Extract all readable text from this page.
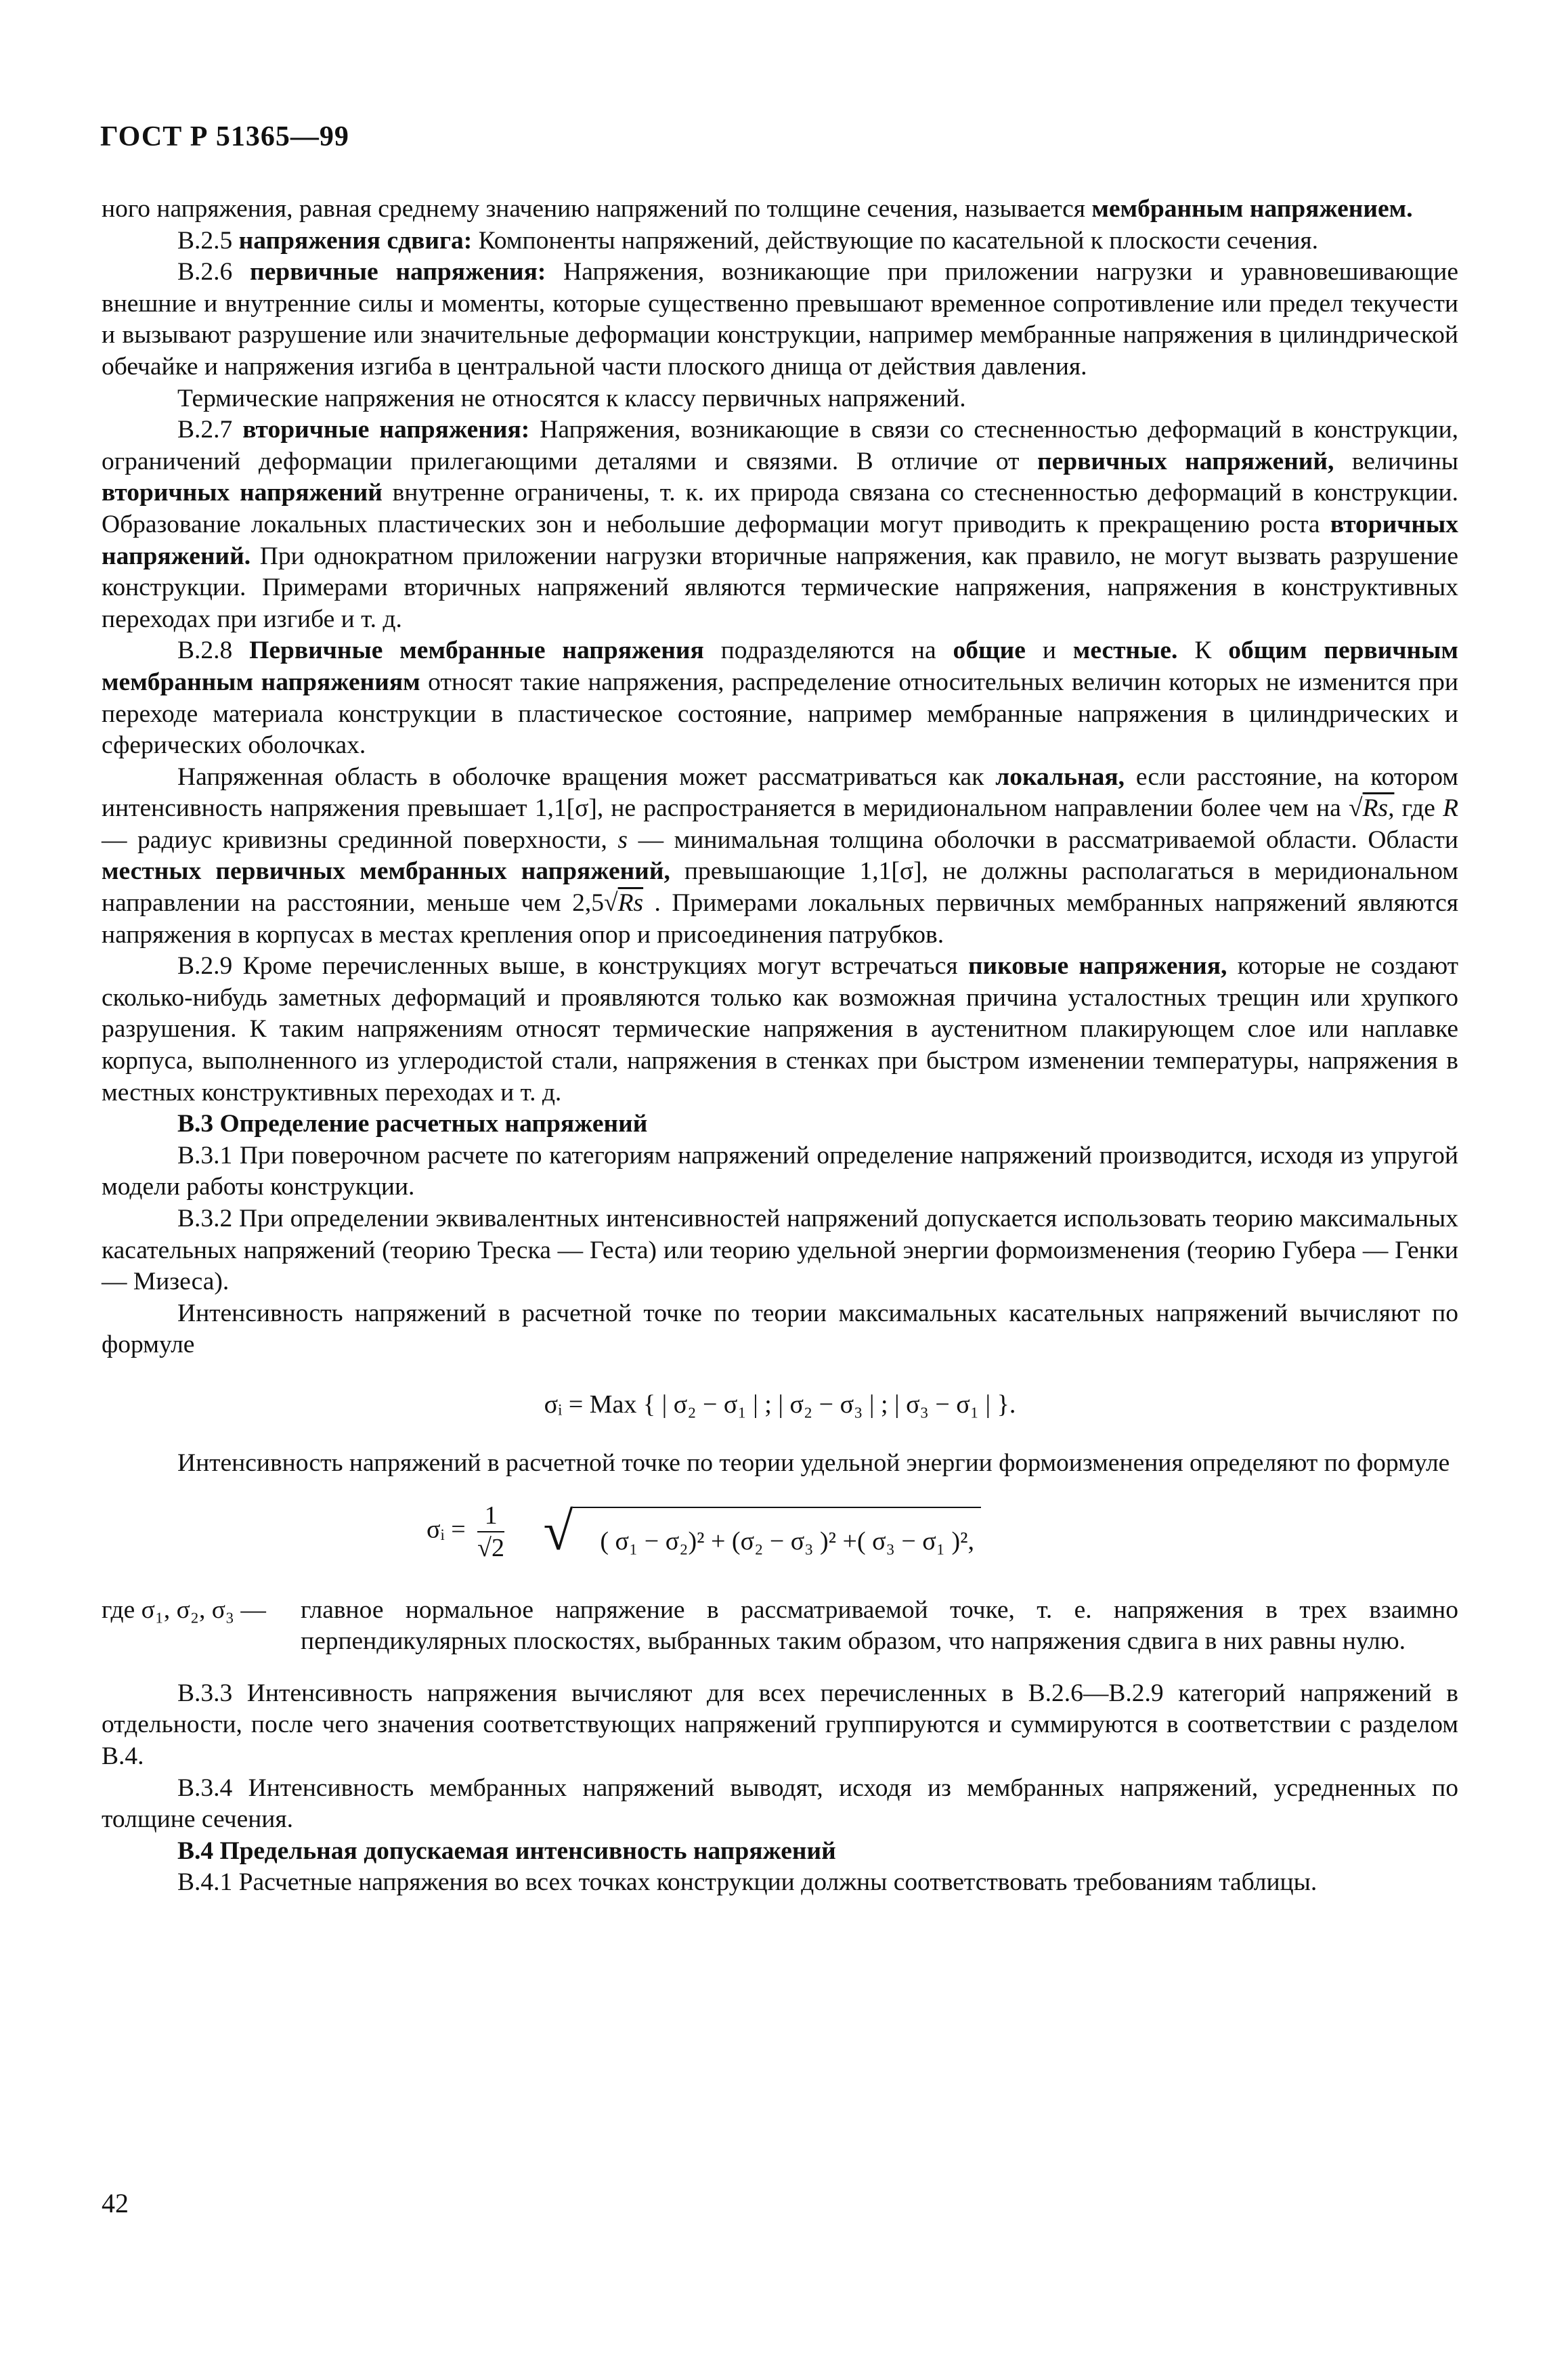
ГОСТ Р 51365—99

ного напряжения, равная среднему значению напряжений по толщине сечения, называется мембранным напряжением.

В.2.5 напряжения сдвига: Компоненты напряжений, действующие по касательной к плоскости сечения.

В.2.6 первичные напряжения: Напряжения, возникающие при приложении нагрузки и уравновешивающие внешние и внутренние силы и моменты, которые существенно превышают временное сопротивление или предел текучести и вызывают разрушение или значительные деформации конструкции, например мембранные напряжения в цилиндрической обечайке и напряжения изгиба в центральной части плоского днища от действия давления.

Термические напряжения не относятся к классу первичных напряжений.

В.2.7 вторичные напряжения: Напряжения, возникающие в связи со стесненностью деформаций в конструкции, ограничений деформации прилегающими деталями и связями. В отличие от первичных напряжений, величины вторичных напряжений внутренне ограничены, т. к. их природа связана со стесненностью деформаций в конструкции. Образование локальных пластических зон и небольшие деформации могут приводить к прекращению роста вторичных напряжений. При однократном приложении нагрузки вторичные напряжения, как правило, не могут вызвать разрушение конструкции. Примерами вторичных напряжений являются термические напряжения, напряжения в конструктивных переходах при изгибе и т. д.

В.2.8 Первичные мембранные напряжения подразделяются на общие и местные. К общим первичным мембранным напряжениям относят такие напряжения, распределение относительных величин которых не изменится при переходе материала конструкции в пластическое состояние, например мембранные напряжения в цилиндрических и сферических оболочках.

Напряженная область в оболочке вращения может рассматриваться как локальная, если расстояние, на котором интенсивность напряжения превышает 1,1[σ], не распространяется в меридиональном направлении более чем на √Rs, где R — радиус кривизны срединной поверхности, s — минимальная толщина оболочки в рассматриваемой области. Области местных первичных мембранных напряжений, превышающие 1,1[σ], не должны располагаться в меридиональном направлении на расстоянии, меньше чем 2,5√Rs . Примерами локальных первичных мембранных напряжений являются напряжения в корпусах в местах крепления опор и присоединения патрубков.

В.2.9 Кроме перечисленных выше, в конструкциях могут встречаться пиковые напряжения, которые не создают сколько-нибудь заметных деформаций и проявляются только как возможная причина усталостных трещин или хрупкого разрушения. К таким напряжениям относят термические напряжения в аустенитном плакирующем слое или наплавке корпуса, выполненного из углеродистой стали, напряжения в стенках при быстром изменении температуры, напряжения в местных конструктивных переходах и т. д.

В.3 Определение расчетных напряжений

В.3.1 При поверочном расчете по категориям напряжений определение напряжений производится, исходя из упругой модели работы конструкции.

В.3.2 При определении эквивалентных интенсивностей напряжений допускается использовать теорию максимальных касательных напряжений (теорию Треска — Геста) или теорию удельной энергии формоизменения (теорию Губера — Генки — Мизеса).

Интенсивность напряжений в расчетной точке по теории максимальных касательных напряжений вычисляют по формуле

σᵢ = Max { | σ₂ − σ₁ | ; | σ₂ − σ₃ | ; | σ₃ − σ₁ | }.

Интенсивность напряжений в расчетной точке по теории удельной энергии формоизменения определяют по формуле

σᵢ = $\frac{1}{√2}$ √ ( σ₁ − σ₂)² + (σ₂ − σ₃ )² +( σ₃ − σ₁ )²,
где σ₁, σ₂, σ₃ —	главное нормальное напряжение в рассматриваемой точке, т. е. напряжения в трех взаимно перпендикулярных плоскостях, выбранных таким образом, что напряжения сдвига в них равны нулю.

В.3.3 Интенсивность напряжения вычисляют для всех перечисленных в В.2.6—В.2.9 категорий напряжений в отдельности, после чего значения соответствующих напряжений группируются и суммируются в соответствии с разделом В.4.

В.3.4 Интенсивность мембранных напряжений выводят, исходя из мембранных напряжений, усредненных по толщине сечения.

В.4 Предельная допускаемая интенсивность напряжений

В.4.1 Расчетные напряжения во всех точках конструкции должны соответствовать требованиям таблицы.

42
